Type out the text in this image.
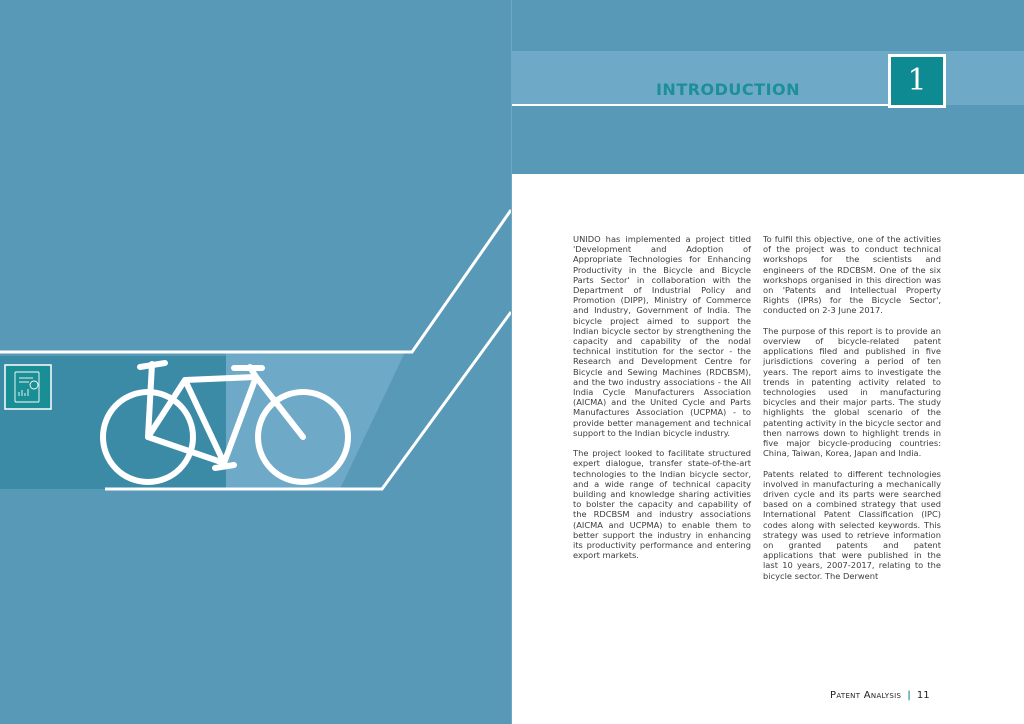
INTRODUCTION	1

UNIDO has implemented a project titled 'Development and Adoption of Appropriate Technologies for Enhancing Productivity in the Bicycle and Bicycle Parts Sector' in collaboration with the Department of Industrial Policy and Promotion (DIPP), Ministry of Commerce and Industry, Government of India. The bicycle project aimed to support the Indian bicycle sector by strengthening the capacity and capability of the nodal technical institution for the sector - the Research and Development Centre for Bicycle and Sewing Machines (RDCBSM), and the two industry associations - the All India Cycle Manufacturers Association (AICMA) and the United Cycle and Parts Manufactures Association (UCPMA) - to provide better management and technical support to the Indian bicycle industry.

The project looked to facilitate structured expert dialogue, transfer state-of-the-art technologies to the Indian bicycle sector, and a wide range of technical capacity building and knowledge sharing activities to bolster the capacity and capability of the RDCBSM and industry associations (AICMA and UCPMA) to enable them to better support the industry in enhancing its productivity performance and entering export markets.

To fulfil this objective, one of the activities of the project was to conduct technical workshops for the scientists and engineers of the RDCBSM. One of the six workshops organised in this direction was on 'Patents and Intellectual Property Rights (IPRs) for the Bicycle Sector', conducted on 2-3 June 2017.

The purpose of this report is to provide an overview of bicycle-related patent applications filed and published in five jurisdictions covering a period of ten years. The report aims to investigate the trends in patenting activity related to technologies used in manufacturing bicycles and their major parts. The study highlights the global scenario of the patenting activity in the bicycle sector and then narrows down to highlight trends in five major bicycle-producing countries: China, Taiwan, Korea, Japan and India.

Patents related to different technologies involved in manufacturing a mechanically driven cycle and its parts were searched based on a combined strategy that used International Patent Classification (IPC) codes along with selected keywords. This strategy was used to retrieve information on granted patents and patent applications that were published in the last 10 years, 2007-2017, relating to the bicycle sector. The Derwent

Patent Analysis | 11
